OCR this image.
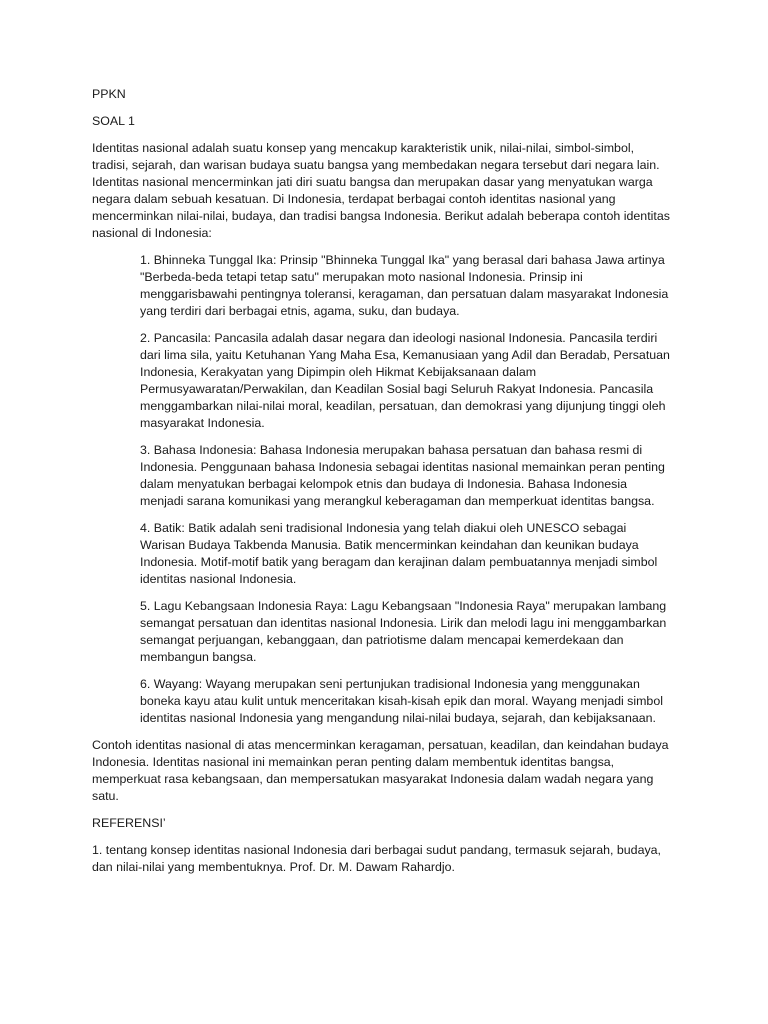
PPKN

SOAL 1

Identitas nasional adalah suatu konsep yang mencakup karakteristik unik, nilai-nilai, simbol-simbol, tradisi, sejarah, dan warisan budaya suatu bangsa yang membedakan negara tersebut dari negara lain. Identitas nasional mencerminkan jati diri suatu bangsa dan merupakan dasar yang menyatukan warga negara dalam sebuah kesatuan. Di Indonesia, terdapat berbagai contoh identitas nasional yang mencerminkan nilai-nilai, budaya, dan tradisi bangsa Indonesia. Berikut adalah beberapa contoh identitas nasional di Indonesia:

1. Bhinneka Tunggal Ika: Prinsip "Bhinneka Tunggal Ika" yang berasal dari bahasa Jawa artinya "Berbeda-beda tetapi tetap satu" merupakan moto nasional Indonesia. Prinsip ini menggarisbawahi pentingnya toleransi, keragaman, dan persatuan dalam masyarakat Indonesia yang terdiri dari berbagai etnis, agama, suku, dan budaya.
2. Pancasila: Pancasila adalah dasar negara dan ideologi nasional Indonesia. Pancasila terdiri dari lima sila, yaitu Ketuhanan Yang Maha Esa, Kemanusiaan yang Adil dan Beradab, Persatuan Indonesia, Kerakyatan yang Dipimpin oleh Hikmat Kebijaksanaan dalam Permusyawaratan/Perwakilan, dan Keadilan Sosial bagi Seluruh Rakyat Indonesia. Pancasila menggambarkan nilai-nilai moral, keadilan, persatuan, dan demokrasi yang dijunjung tinggi oleh masyarakat Indonesia.
3. Bahasa Indonesia: Bahasa Indonesia merupakan bahasa persatuan dan bahasa resmi di Indonesia. Penggunaan bahasa Indonesia sebagai identitas nasional memainkan peran penting dalam menyatukan berbagai kelompok etnis dan budaya di Indonesia. Bahasa Indonesia menjadi sarana komunikasi yang merangkul keberagaman dan memperkuat identitas bangsa.
4. Batik: Batik adalah seni tradisional Indonesia yang telah diakui oleh UNESCO sebagai Warisan Budaya Takbenda Manusia. Batik mencerminkan keindahan dan keunikan budaya Indonesia. Motif-motif batik yang beragam dan kerajinan dalam pembuatannya menjadi simbol identitas nasional Indonesia.
5. Lagu Kebangsaan Indonesia Raya: Lagu Kebangsaan "Indonesia Raya" merupakan lambang semangat persatuan dan identitas nasional Indonesia. Lirik dan melodi lagu ini menggambarkan semangat perjuangan, kebanggaan, dan patriotisme dalam mencapai kemerdekaan dan membangun bangsa.
6. Wayang: Wayang merupakan seni pertunjukan tradisional Indonesia yang menggunakan boneka kayu atau kulit untuk menceritakan kisah-kisah epik dan moral. Wayang menjadi simbol identitas nasional Indonesia yang mengandung nilai-nilai budaya, sejarah, dan kebijaksanaan.

Contoh identitas nasional di atas mencerminkan keragaman, persatuan, keadilan, dan keindahan budaya Indonesia. Identitas nasional ini memainkan peran penting dalam membentuk identitas bangsa, memperkuat rasa kebangsaan, dan mempersatukan masyarakat Indonesia dalam wadah negara yang satu.

REFERENSI’

1. tentang konsep identitas nasional Indonesia dari berbagai sudut pandang, termasuk sejarah, budaya, dan nilai-nilai yang membentuknya. Prof. Dr. M. Dawam Rahardjo.
